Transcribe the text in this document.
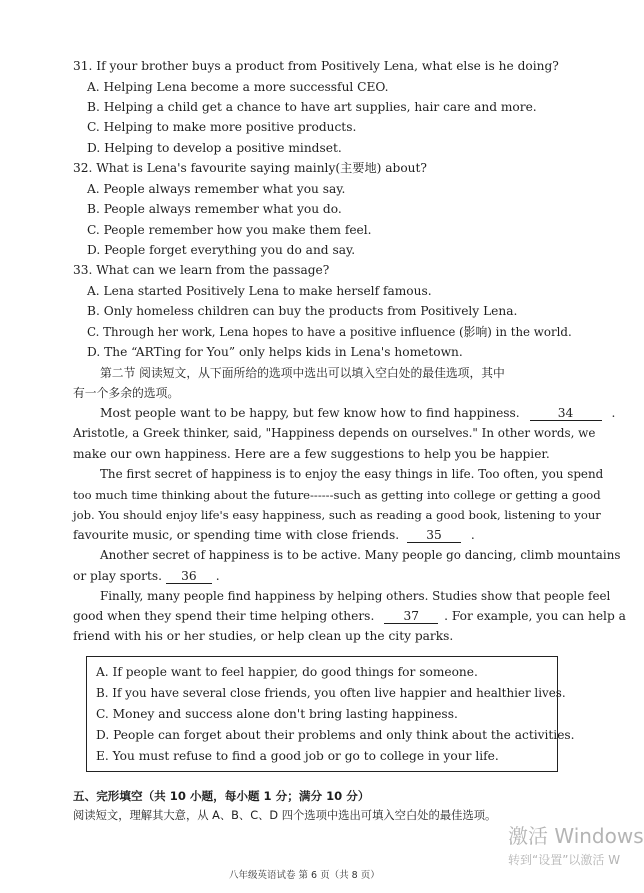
31. If your brother buys a product from Positively Lena, what else is he doing?
A. Helping Lena become a more successful CEO.
B. Helping a child get a chance to have art supplies, hair care and more.
C. Helping to make more positive products.
D. Helping to develop a positive mindset.
32. What is Lena's favourite saying mainly(主要地) about?
A. People always remember what you say.
B. People always remember what you do.
C. People remember how you make them feel.
D. People forget everything you do and say.
33. What can we learn from the passage?
A. Lena started Positively Lena to make herself famous.
B. Only homeless children can buy the products from Positively Lena.
C. Through her work, Lena hopes to have a positive influence (影响) in the world.
D. The “ARTing for You” only helps kids in Lena's hometown.
第二节 阅读短文，从下面所给的选项中选出可以填入空白处的最佳选项，其中
有一个多余的选项。
Most people want to be happy, but few know how to find happiness.	34	.
Aristotle, a Greek thinker, said, "Happiness depends on ourselves." In other words, we
make our own happiness. Here are a few suggestions to help you be happier.
The first secret of happiness is to enjoy the easy things in life. Too often, you spend
too much time thinking about the future------such as getting into college or getting a good
job. You should enjoy life's easy happiness, such as reading a good book, listening to your
favourite music, or spending time with close friends. 35 .
Another secret of happiness is to be active. Many people go dancing, climb mountains
or play sports. 36 .
Finally, many people find happiness by helping others. Studies show that people feel
good when they spend their time helping others. 37 . For example, you can help a
friend with his or her studies, or help clean up the city parks.
A. If people want to feel happier, do good things for someone.
B. If you have several close friends, you often live happier and healthier lives.
C. Money and success alone don't bring lasting happiness.
D. People can forget about their problems and only think about the activities.
E. You must refuse to find a good job or go to college in your life.
五、完形填空（共 10 小题，每小题 1 分；满分 10 分）
阅读短文，理解其大意，从 A、B、C、D 四个选项中选出可填入空白处的最佳选项。
八年级英语试卷 第 6 页（共 8 页）
激活 Windows
转到“设置”以激活 W
